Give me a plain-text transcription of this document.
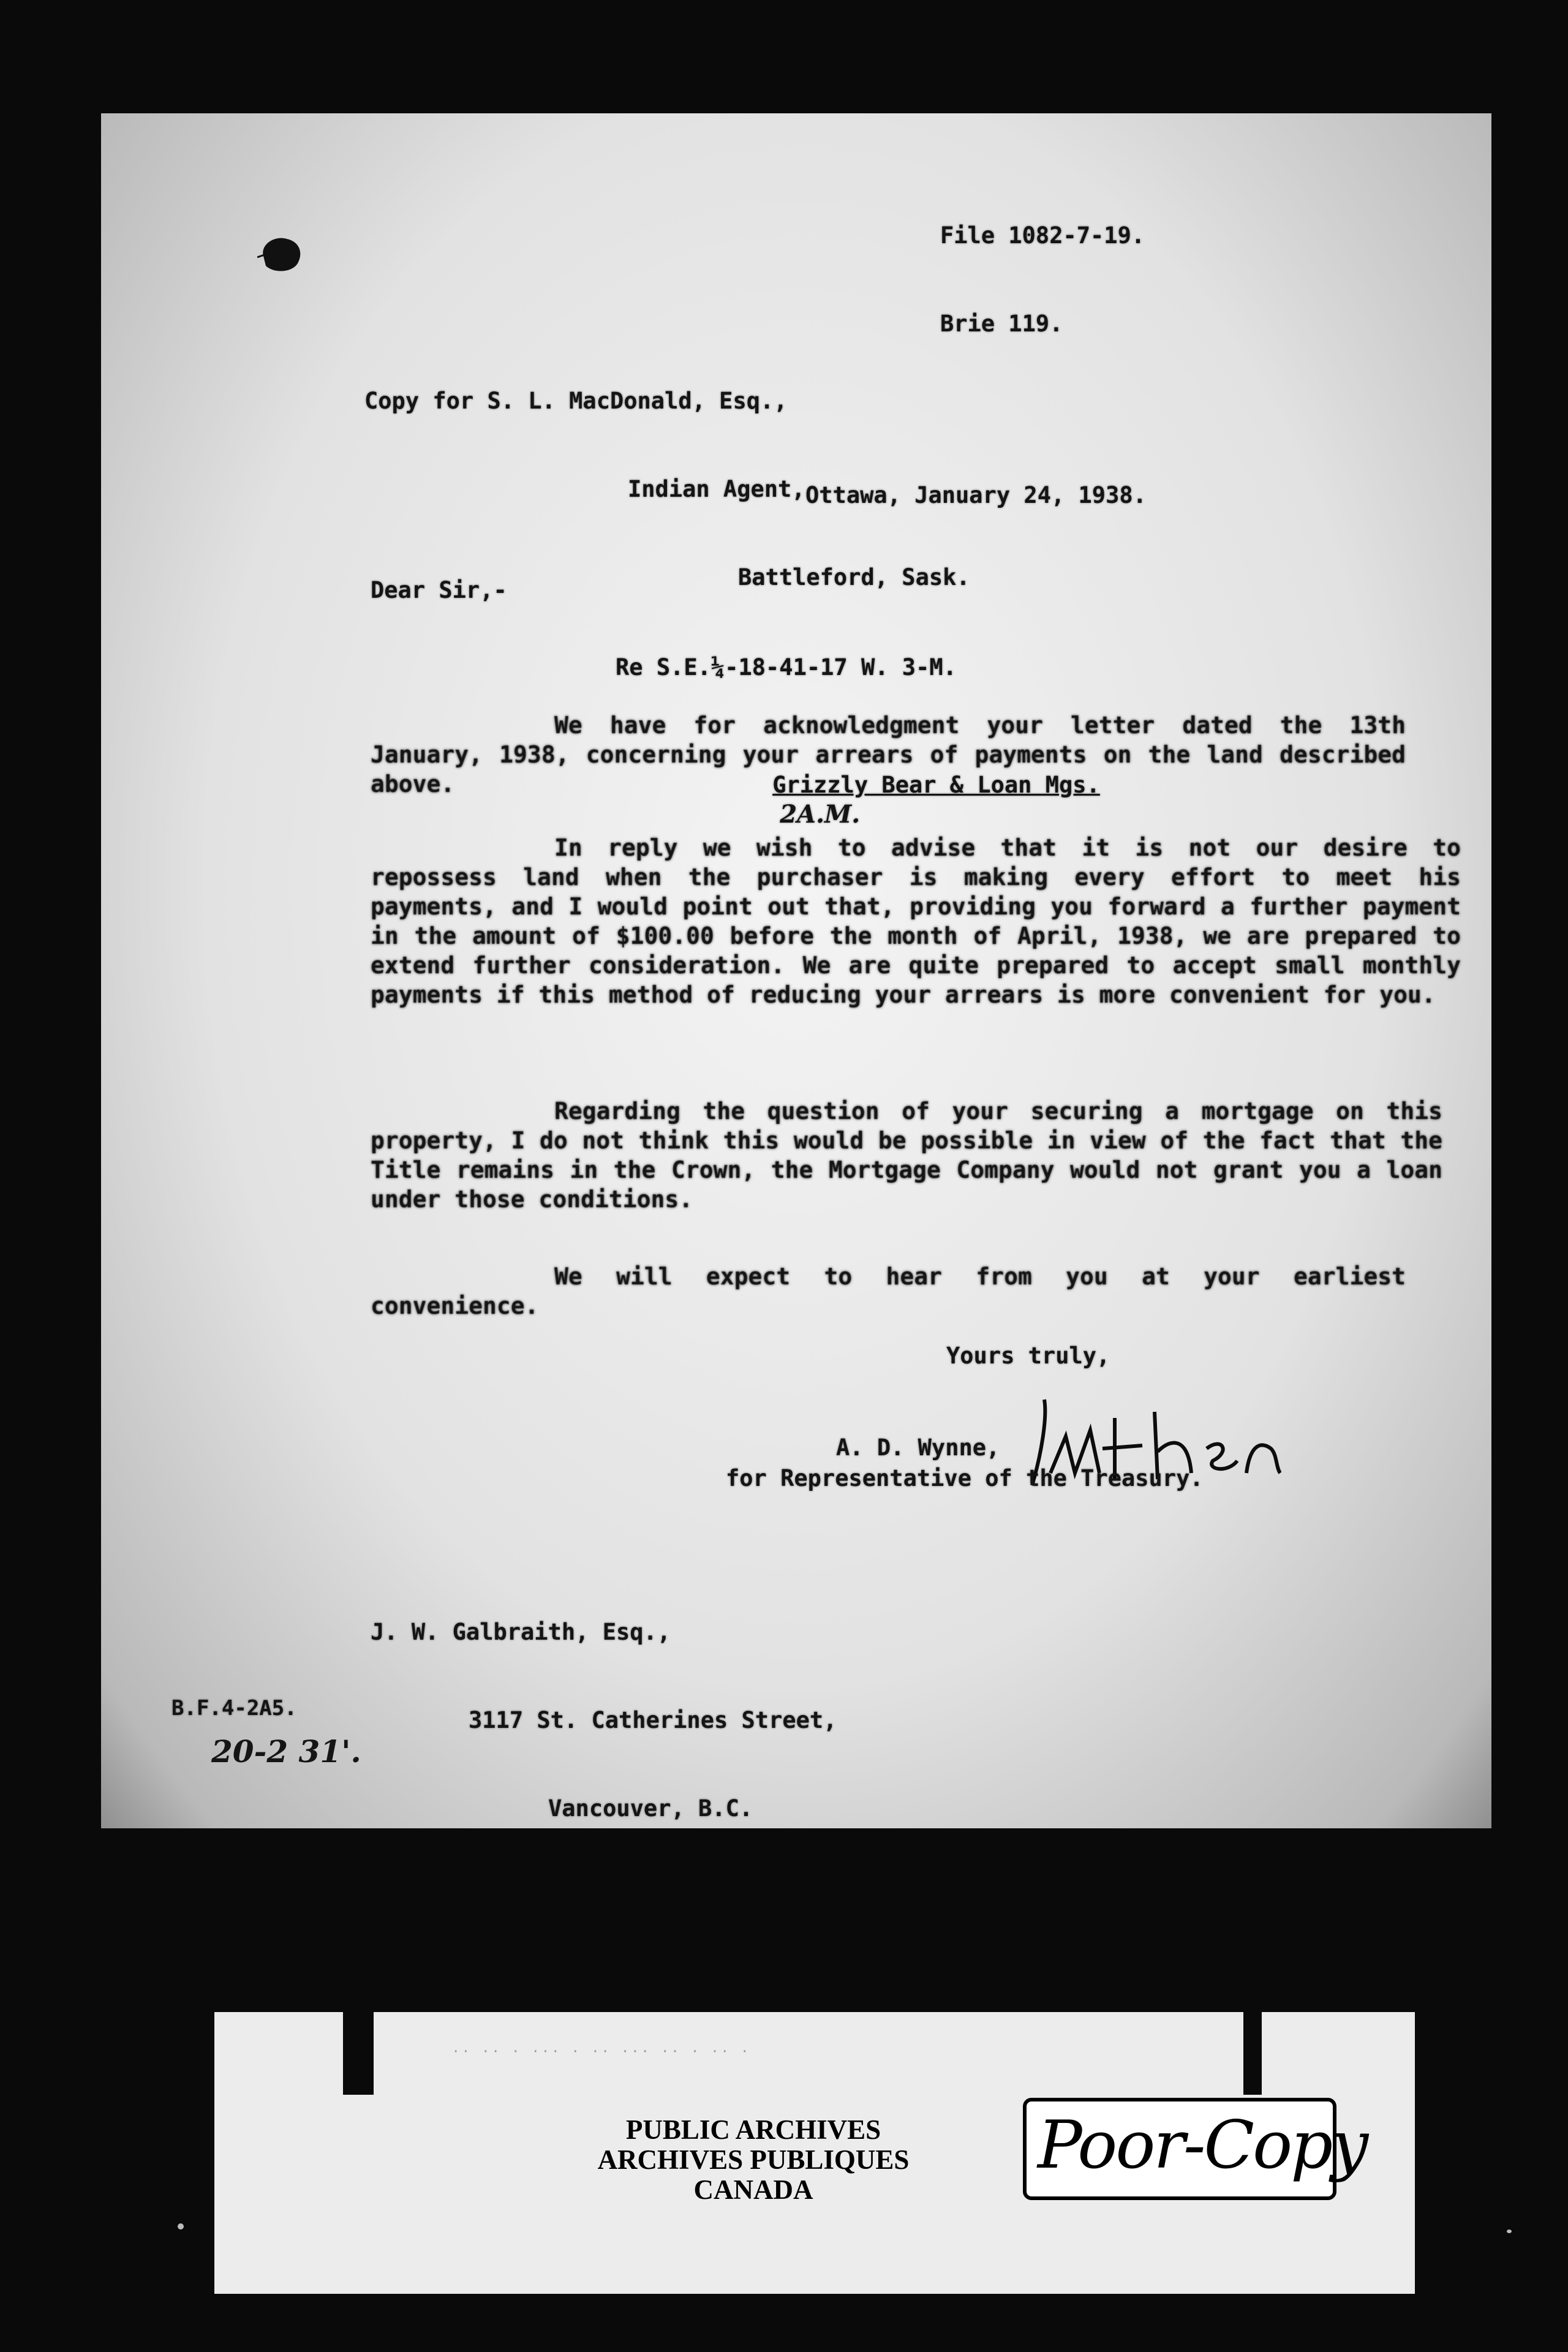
File 1082-7-19.

Brie 119.

Copy for S. L. MacDonald, Esq.,

Indian Agent,

Battleford, Sask.

Ottawa, January 24, 1938.
Dear Sir,-

Re S.E.¼-18-41-17 W. 3-M.

Grizzly Bear & Loan Mgs.
2A.M.

We have for acknowledgment your letter dated the 13th January, 1938, concerning your arrears of payments on the land described above.
In reply we wish to advise that it is not our desire to repossess land when the purchaser is making every effort to meet his payments, and I would point out that, providing you forward a further payment in the amount of $100.00 before the month of April, 1938, we are prepared to extend further consideration. We are quite prepared to accept small monthly payments if this method of reducing your arrears is more convenient for you.
Regarding the question of your securing a mortgage on this property, I do not think this would be possible in view of the fact that the Title remains in the Crown, the Mortgage Company would not grant you a loan under those conditions.
We will expect to hear from you at your earliest convenience.
Yours truly,
A. D. Wynne,
for Representative of the Treasury.

J. W. Galbraith, Esq.,

3117 St. Catherines Street,

Vancouver, B.C.

B.F.4-2A5.
20-2 31'.
·· ·· · ··· · ·· ··· ·· · ·· ·
PUBLIC ARCHIVES
ARCHIVES PUBLIQUES
CANADA
Poor-Copy
